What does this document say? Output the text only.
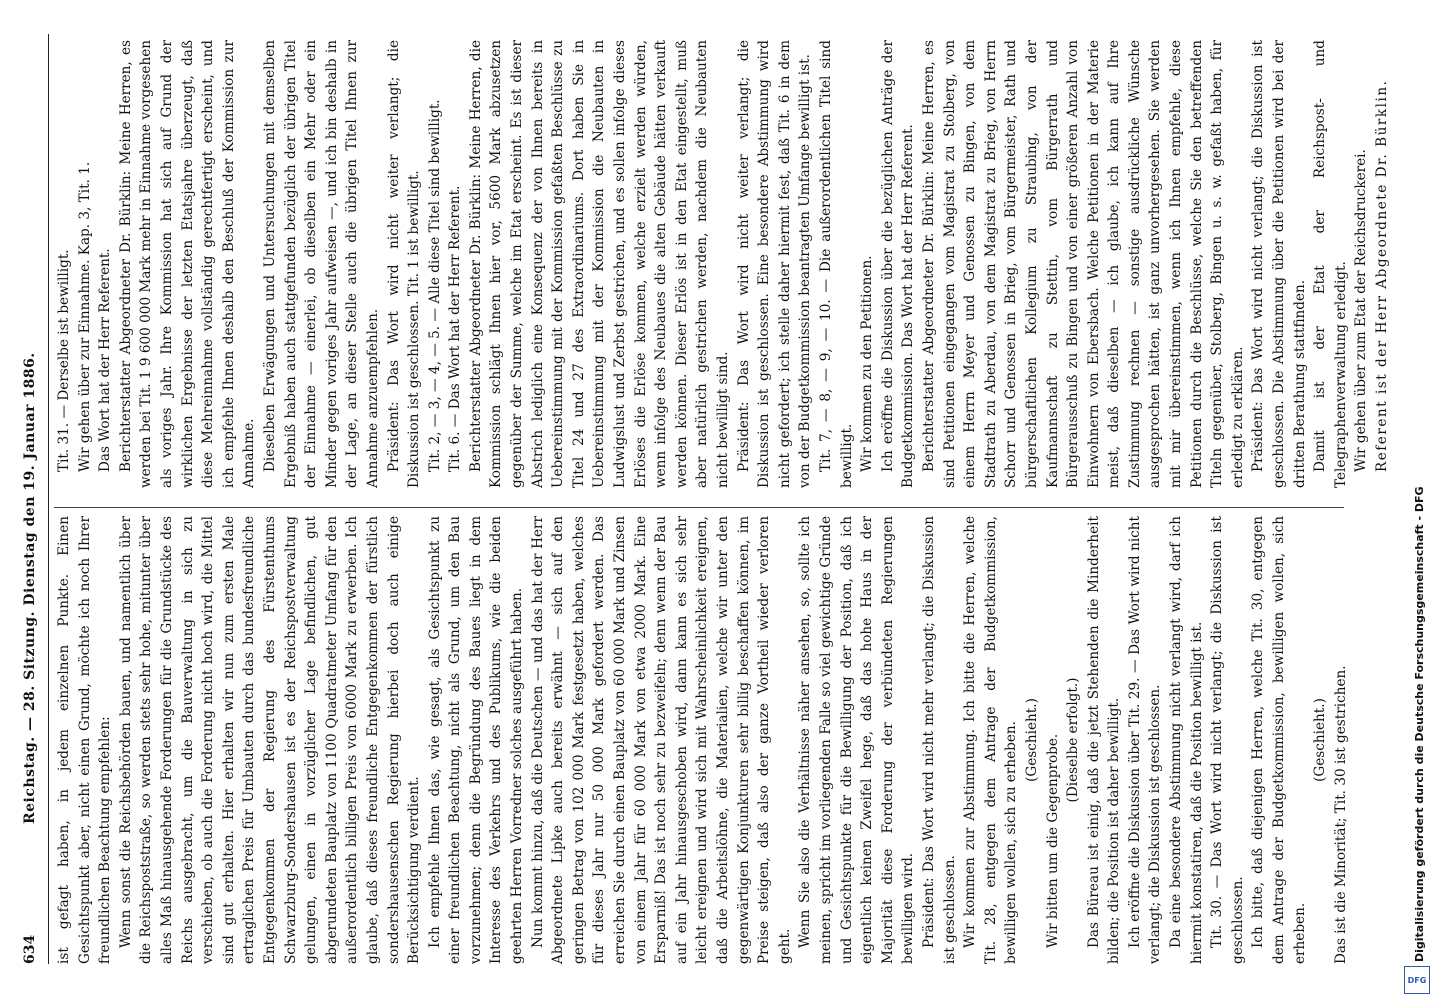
634
Reichstag. — 28. Sitzung. Dienstag den 19. Januar 1886. ist gefagt haben, in jedem einzelnen Punkte. Einen Gesichtspunkt aber, nicht einen Grund, möchte ich noch Ihrer freundlichen Beachtung empfehlen: Wenn sonst die Reichsbehörden bauen, und namentlich über die Reichspoststraße, so werden stets sehr hohe, mitunter über alles Maß hinausgehende Forderungen für die Grundstücke des Reichs ausgebracht, um die Bauverwaltung in sich zu verschieben, ob auch die Forderung nicht hoch wird, die Mittel sind gut erhalten. Hier erhalten wir nun zum ersten Male ertraglichen Preis für Umbauten durch das bundesfreundliche Entgegenkommen der Regierung des Fürstenthums Schwarzburg-Sondershausen ist es der Reichspostverwaltung gelungen, einen in vorzüglicher Lage befindlichen, gut abgerundeten Bauplatz von 1100 Quadratmeter Umfang für den außerordentlich billigen Preis von 6000 Mark zu erwerben. Ich glaube, daß dieses freundliche Entgegenkommen der fürstlich sondershausenschen Regierung hierbei doch auch einige Berücksichtigung verdient. Ich empfehle Ihnen das, wie gesagt, als Gesichtspunkt zu einer freundlichen Beachtung, nicht als Grund, um den Bau vorzunehmen; denn die Begründung des Baues liegt in dem Interesse des Verkehrs und des Publikums, wie die beiden geehrten Herren Vorredner solches ausgeführt haben. Nun kommt hinzu, daß die Deutschen — und das hat der Herr Abgeordnete Lipke auch bereits erwähnt — sich auf den geringen Betrag von 102 000 Mark festgesetzt haben, welches für dieses Jahr nur 50 000 Mark gefordert werden. Das erreichen Sie durch einen Bauplatz von 60 000 Mark und Zinsen von einem Jahr für 60 000 Mark von etwa 2000 Mark. Eine Ersparniß! Das ist noch sehr zu bezweifeln; denn wenn der Bau auf ein Jahr hinausgeschoben wird, dann kann es sich sehr leicht ereignen und wird sich mit Wahrscheinlichkeit ereignen, daß die Arbeitslöhne, die Materialien, welche wir unter den gegenwärtigen Konjunkturen sehr billig beschaffen können, im Preise steigen, daß also der ganze Vortheil wieder verloren geht. Wenn Sie also die Verhältnisse näher ansehen, so, sollte ich meinen, spricht im vorliegenden Falle so viel gewichtige Gründe und Gesichtspunkte für die Bewilligung der Position, daß ich eigentlich keinen Zweifel hege, daß das hohe Haus in der Majorität diese Forderung der verbündeten Regierungen bewilligen wird. Präsident: Das Wort wird nicht mehr verlangt; die Diskussion ist geschlossen. Wir kommen zur Abstimmung. Ich bitte die Herren, welche Tit. 28, entgegen dem Antrage der Budgetkommission, bewilligen wollen, sich zu erheben. (Geschieht.) Wir bitten um die Gegenprobe. (Dieselbe erfolgt.) Das Büreau ist einig, daß die jetzt Stehenden die Minderheit bilden; die Position ist daher bewilligt. Ich eröffne die Diskussion über Tit. 29. — Das Wort wird nicht verlangt; die Diskussion ist geschlossen. Da eine besondere Abstimmung nicht verlangt wird, darf ich hiermit konstatiren, daß die Position bewilligt ist. Tit. 30. — Das Wort wird nicht verlangt; die Diskussion ist geschlossen. Ich bitte, daß diejenigen Herren, welche Tit. 30, entgegen dem Antrage der Budgetkommission, bewilligen wollen, sich erheben.

(Geschieht.) Das ist die Minorität; Tit. 30 ist gestrichen.

Tit. 31. — Derselbe ist bewilligt. Wir gehen über zur Einnahme. Kap. 3, Tit. 1. Das Wort hat der Herr Referent. Berichterstatter Abgeordneter Dr. Bürklin: Meine Herren, es werden bei Tit. 1 9 600 000 Mark mehr in Einnahme vorgesehen als voriges Jahr. Ihre Kommission hat sich auf Grund der wirklichen Ergebnisse der letzten Etatsjahre überzeugt, daß diese Mehreinnahme vollständig gerechtfertigt erscheint, und ich empfehle Ihnen deshalb den Beschluß der Kommission zur Annahme. Dieselben Erwägungen und Untersuchungen mit demselben Ergebniß haben auch stattgefunden bezüglich der übrigen Titel der Einnahme — einerlei, ob dieselben ein Mehr oder ein Minder gegen voriges Jahr aufweisen —, und ich bin deshalb in der Lage, an dieser Stelle auch die übrigen Titel Ihnen zur Annahme anzuempfehlen. Präsident: Das Wort wird nicht weiter verlangt; die Diskussion ist geschlossen. Tit. 1 ist bewilligt. Tit. 2, — 3, — 4, — 5. — Alle diese Titel sind bewilligt. Tit. 6. — Das Wort hat der Herr Referent. Berichterstatter Abgeordneter Dr. Bürklin: Meine Herren, die Kommission schlägt Ihnen hier vor, 5600 Mark abzusetzen gegenüber der Summe, welche im Etat erscheint. Es ist dieser Abstrich lediglich eine Konsequenz der von Ihnen bereits in Uebereinstimmung mit der Kommission gefaßten Beschlüsse zu Titel 24 und 27 des Extraordinariums. Dort haben Sie in Uebereinstimmung mit der Kommission die Neubauten in Ludwigslust und Zerbst gestrichen, und es sollen infolge dieses Erlöses die Erlöse kommen, welche erzielt werden würden, wenn infolge des Neubaues die alten Gebäude hätten verkauft werden können. Dieser Erlös ist in den Etat eingestellt, muß aber natürlich gestrichen werden, nachdem die Neubauten nicht bewilligt sind. Präsident: Das Wort wird nicht weiter verlangt; die Diskussion ist geschlossen. Eine besondere Abstimmung wird nicht gefordert; ich stelle daher hiermit fest, daß Tit. 6 in dem von der Budgetkommission beantragten Umfange bewilligt ist. Tit. 7, — 8, — 9, — 10. — Die außerordentlichen Titel sind bewilligt. Wir kommen zu den Petitionen. Ich eröffne die Diskussion über die bezüglichen Anträge der Budgetkommission. Das Wort hat der Herr Referent. Berichterstatter Abgeordneter Dr. Bürklin: Meine Herren, es sind Petitionen eingegangen vom Magistrat zu Stolberg, von einem Herrn Meyer und Genossen zu Bingen, von dem Stadtrath zu Aberdau, von dem Magistrat zu Brieg, von Herrn Schorr und Genossen in Brieg, vom Bürgermeister, Rath und bürgerschaftlichen Kollegium zu Straubing, von der Kaufmannschaft zu Stettin, vom Bürgerrath und Bürgerausschuß zu Bingen und von einer größeren Anzahl von Einwohnern von Ebersbach. Welche Petitionen in der Materie meist, daß dieselben — ich glaube, ich kann auf Ihre Zustimmung rechnen — sonstige ausdrückliche Wünsche ausgesprochen hätten, ist ganz unvorhergesehen. Sie werden mit mir übereinstimmen, wenn ich Ihnen empfehle, diese Petitionen durch die Beschlüsse, welche Sie den betreffenden Titeln gegenüber, Stolberg, Bingen u. s. w. gefaßt haben, für erledigt zu erklären. Präsident: Das Wort wird nicht verlangt; die Diskussion ist geschlossen. Die Abstimmung über die Petitionen wird bei der dritten Berathung stattfinden. Damit ist der Etat der Reichspost- und Telegraphenverwaltung erledigt. Wir gehen über zum Etat der Reichsdruckerei. Referent ist der Herr Abgeordnete Dr. Bürklin.

Digitalisierung gefördert durch die Deutsche Forschungsgemeinschaft - DFG
DFG
